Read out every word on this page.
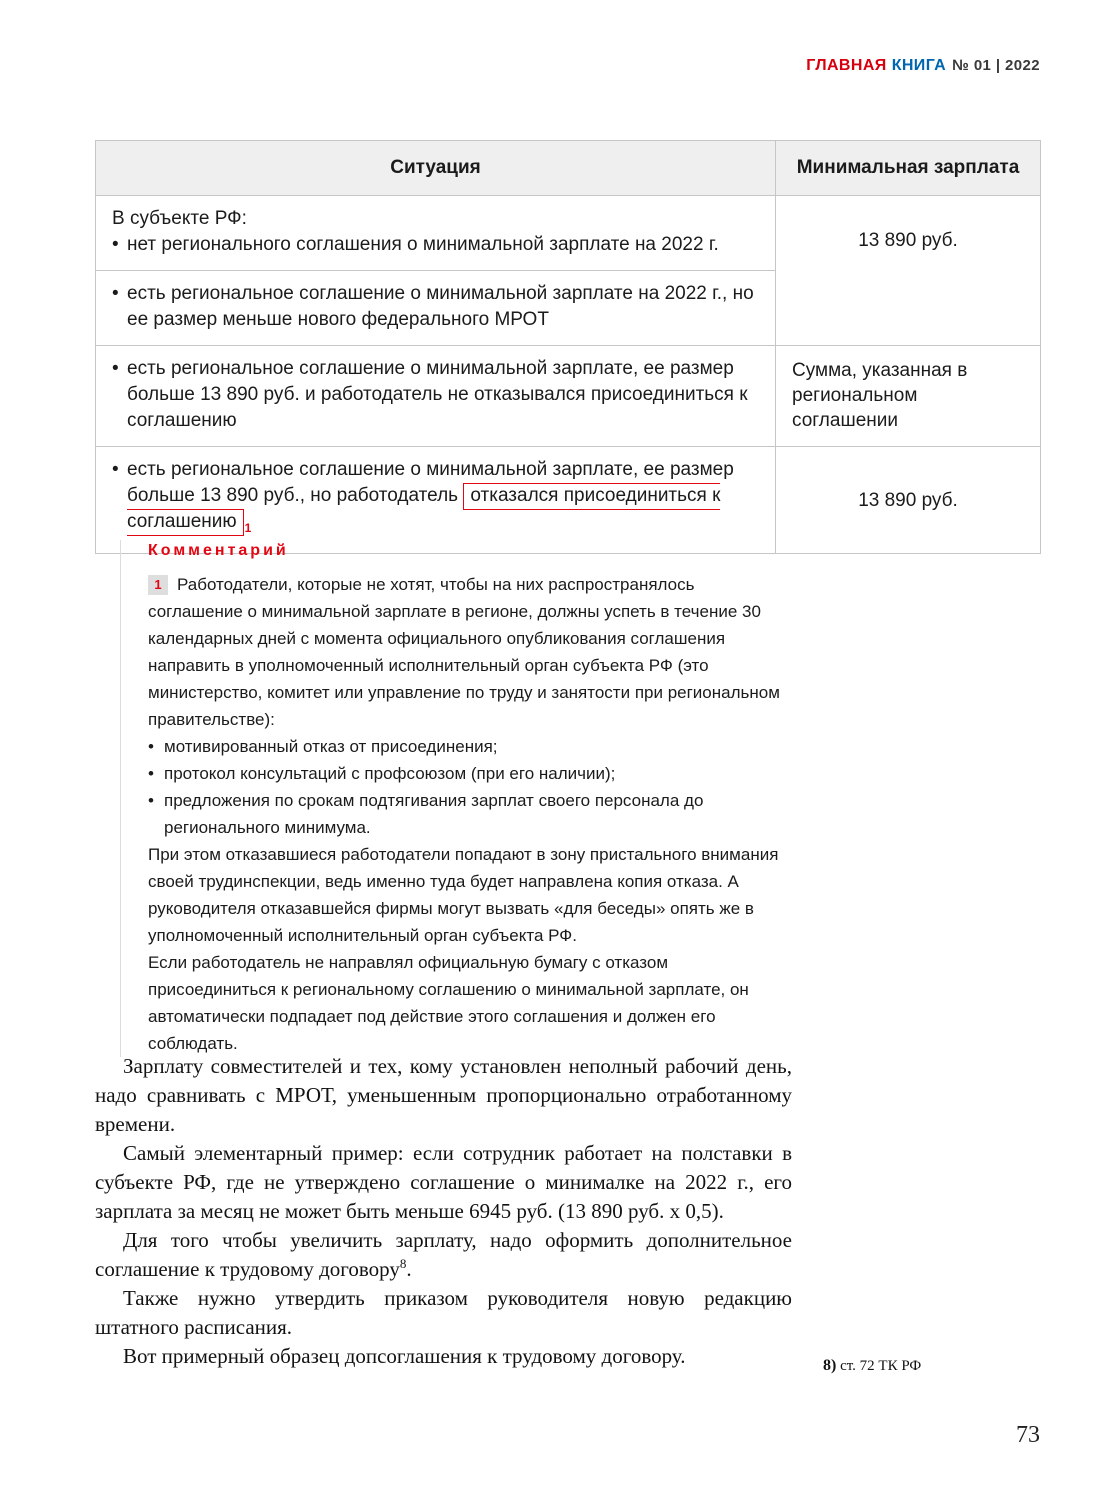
ГЛАВНАЯ КНИГА № 01 | 2022
Ситуация	Минимальная зарплата

В субъекте РФ:
• нет регионального соглашения о минимальной зарплате на 2022 г.	13 890 руб.

• есть региональное соглашение о минимальной зарплате на 2022 г., но ее размер меньше нового федерального МРОТ	

• есть региональное соглашение о минимальной зарплате, ее размер больше 13 890 руб. и работодатель не отказывался присоединиться к соглашению	Сумма, указанная в региональном соглашении

• есть региональное соглашение о минимальной зарплате, ее размер больше 13 890 руб., но работодатель отказался присоединиться к соглашению $_1$	13 890 руб.
Комментарий

1 Работодатели, которые не хотят, чтобы на них распространялось соглашение о минимальной зарплате в регионе, должны успеть в течение 30 календарных дней с момента официального опубликования соглашения направить в уполномоченный исполнительный орган субъекта РФ (это министерство, комитет или управление по труду и занятости при региональном правительстве):

• мотивированный отказ от присоединения;
• протокол консультаций с профсоюзом (при его наличии);
• предложения по срокам подтягивания зарплат своего персонала до регионального минимума.

При этом отказавшиеся работодатели попадают в зону пристального внимания своей трудинспекции, ведь именно туда будет направлена копия отказа. А руководителя отказавшейся фирмы могут вызвать «для беседы» опять же в уполномоченный исполнительный орган субъекта РФ.

Если работодатель не направлял официальную бумагу с отказом присоединиться к региональному соглашению о минимальной зарплате, он автоматически подпадает под действие этого соглашения и должен его соблюдать.

Зарплату совместителей и тех, кому установлен неполный рабочий день, надо сравнивать с МРОТ, уменьшенным пропорционально отработанному времени.

Самый элементарный пример: если сотрудник работает на полставки в субъекте РФ, где не утверждено соглашение о минималке на 2022 г., его зарплата за месяц не может быть меньше 6945 руб. (13 890 руб. x 0,5).

Для того чтобы увеличить зарплату, надо оформить дополнительное соглашение к трудовому договору$^8$.

Также нужно утвердить приказом руководителя новую редакцию штатного расписания.

Вот примерный образец допсоглашения к трудовому договору.	8) ст. 72 ТК РФ
73
